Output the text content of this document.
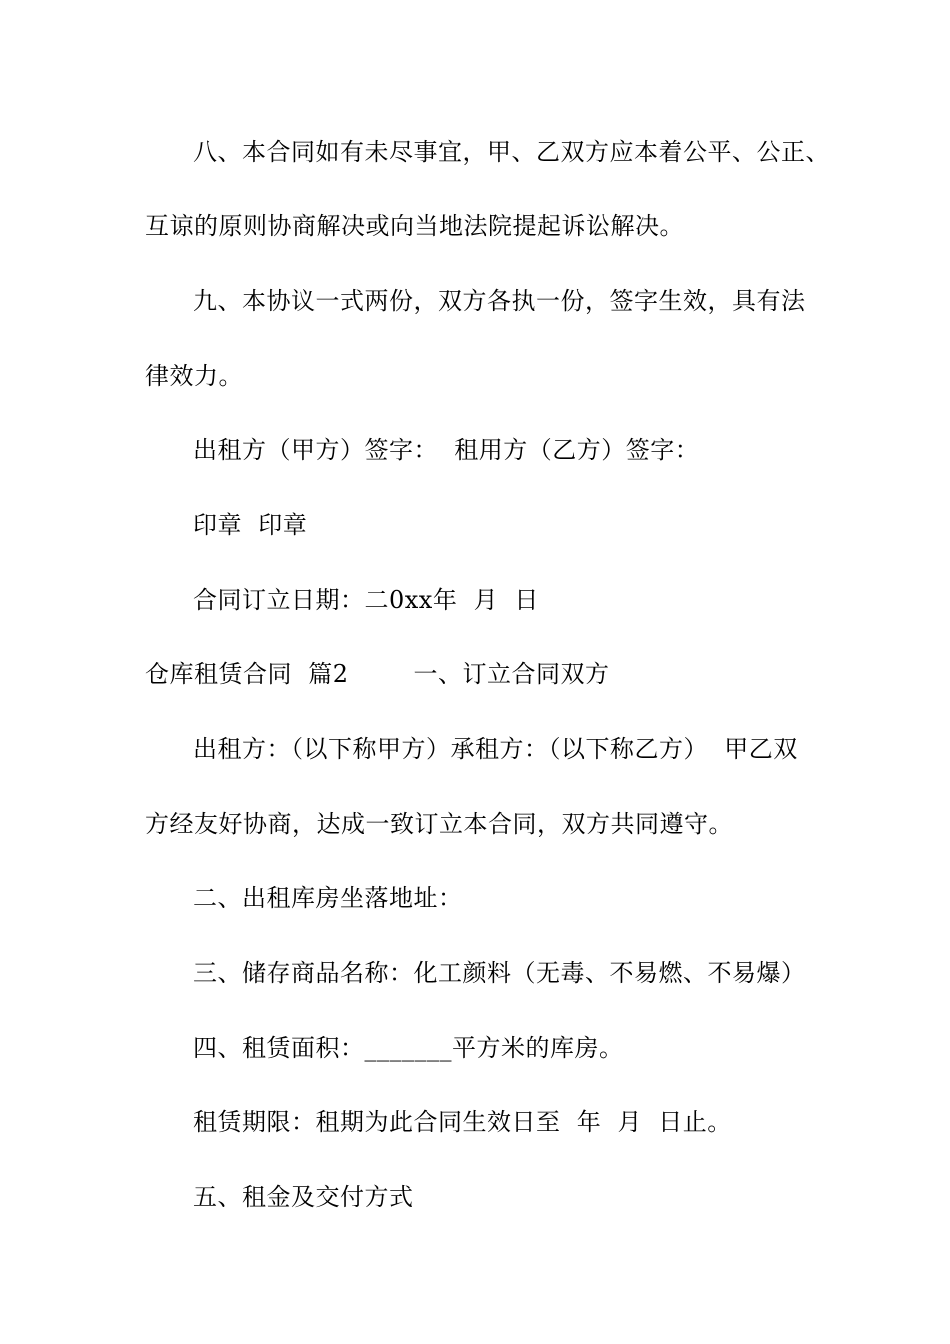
八、本合同如有未尽事宜，甲、乙双方应本着公平、公正、
互谅的原则协商解决或向当地法院提起诉讼解决。
九、本协议一式两份，双方各执一份，签字生效，具有法
律效力。
出租方（甲方）签字：  租用方（乙方）签字：
印章  印章
合同订立日期：二0xx年  月  日
仓库租赁合同  篇2        一、订立合同双方
出租方：（以下称甲方）承租方：（以下称乙方）  甲乙双
方经友好协商，达成一致订立本合同，双方共同遵守。
二、出租库房坐落地址：
三、储存商品名称：化工颜料（无毒、不易燃、不易爆）
四、租赁面积：_______平方米的库房。
租赁期限：租期为此合同生效日至  年  月  日止。
五、租金及交付方式
